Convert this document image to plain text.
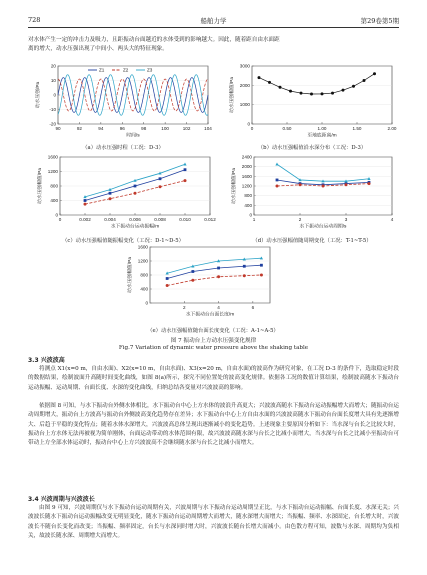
728	船舶力学	第29卷第5期

对水体产生一定的冲击力及吸力，且距振动台面越近的水体受到的影响越大。因此，随着距自由水面距

离的增大，动水压强出现了中间小、两头大的特征现象。

90	92	94	96	98	100	102	104
20
10
0
-10
-20
时间/s
动水压强/Pa
Z1	Z2	Z3
（a）动水压强时程（工况：D-3）
0	0.50	1.00	1.50	2.00
3000
2000
1000
0
至地底距离/m
动水压强幅值/Pa
（b）动水压强幅值沿水深分布（工况：D-3）
0	0.002	0.004	0.006	0.008	0.010	0.012
1600
1200
800
400
0
水下振动台运动振幅/m
动水压强幅值/Pa
（c）动水压强幅值随振幅变化（工况：D-1~D-5）
1	2	3	4
2400
2000
1600
1200
800
400
0
水下振动台运动周期/s
动水压强幅值/Pa
（d）动水压强幅值随周期变化（工况：T-1~T-5）
2	4	6
1600
1200
800
400
0
水下振动台台面长度/m
动水压强幅值/Pa
（e）动水压强幅值随台面长度变化（工况：A-1~A-5）
图 7 振动台上方动水压强变化规律
Fig.7 Variation of dynamic water pressure above the shaking table
3.3 兴波波高

将测点 X1(x=0 m，自由水面)、X2(x=10 m，自由水面)、X3(x=20 m，自由水面)的波高作为研究对象，在工况 D-3 的条件下，选取稳定时段的数据结果，绘制波面升高随时间变化曲线，如图 8(a)所示，探究不同位置处的波高变化规律。依据各工况的数值计算结果，绘制波高随水下振动台运动振幅、运动周期、台面长度、水深的变化曲线，归纳总结各变量对兴波波高的影响。

依据图 8 可知，与水下振动台外侧水体相比，水下振动台中心上方水体的波浪升高更大；兴波波高随水下振动台运动振幅增大而增大；随振动台运动周期增大，振动台上方波高与振动台外侧波高变化趋势存在差异；水下振动台中心上方自由水面的兴波波高随水下振动台台面长度增大具有先逐渐增大、后趋于平稳的变化特点；随着水体水深增大，兴波波高总体呈现出逐渐减小的变化趋势。上述现象主要原因分析如下：当水深与台长之比较大时，振动台上方水体无法再被视为简单刚体，台面运动带动的水体范围有限，故兴波波高随水深与台长之比减小而增大，当水深与台长之比减小至振动台可带动上方全部水体运动时，振动台中心上方兴波波高不会继续随水深与台长之比减小而增大。

3.4 兴波周期与兴波波长

由图 9 可知，兴波周期仅与水下振动台运动周期有关，兴波周期与水下振动台运动周期呈正比，与水下振动台运动振幅、台面长度、水深无关；兴波波长随水下振动台运动振幅改变无明显变化，随水下振动台运动周期增大而增大，随水深增大而增大；当振幅、频率、水深固定，台长增大时，兴波波长不随台长变化而改变；当振幅、频率固定，台长与水深同时增大时，兴波波长随台长增大而减小。由色散方程可知，波数与水深、周期均为负相关，故波长随水深、周期增大而增大。
